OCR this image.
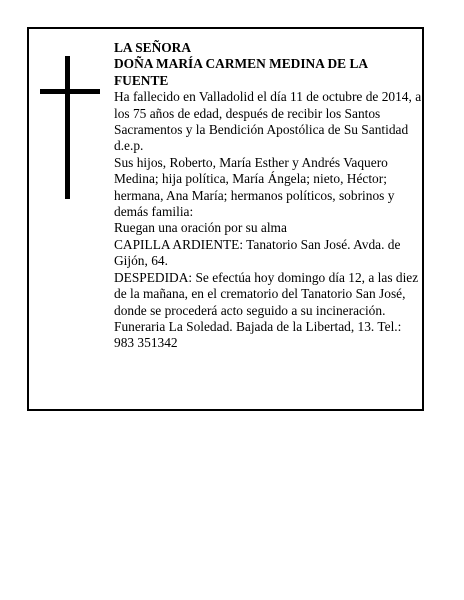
LA SEÑORA

DOÑA MARÍA CARMEN MEDINA DE LA FUENTE

Ha fallecido en Valladolid el día 11 de octubre de 2014, a los 75 años de edad, después de recibir los Santos Sacramentos y la Bendición Apostólica de Su Santidad

d.e.p.

Sus hijos, Roberto, María Esther y Andrés Vaquero Medina; hija política, María Ángela; nieto, Héctor; hermana, Ana María; hermanos políticos, sobrinos y demás familia:

Ruegan una oración por su alma

CAPILLA ARDIENTE: Tanatorio San José. Avda. de Gijón, 64.

DESPEDIDA: Se efectúa hoy domingo día 12, a las diez de la mañana, en el crematorio del Tanatorio San José, donde se procederá acto seguido a su incineración.

Funeraria La Soledad. Bajada de la Libertad, 13. Tel.: 983 351342
